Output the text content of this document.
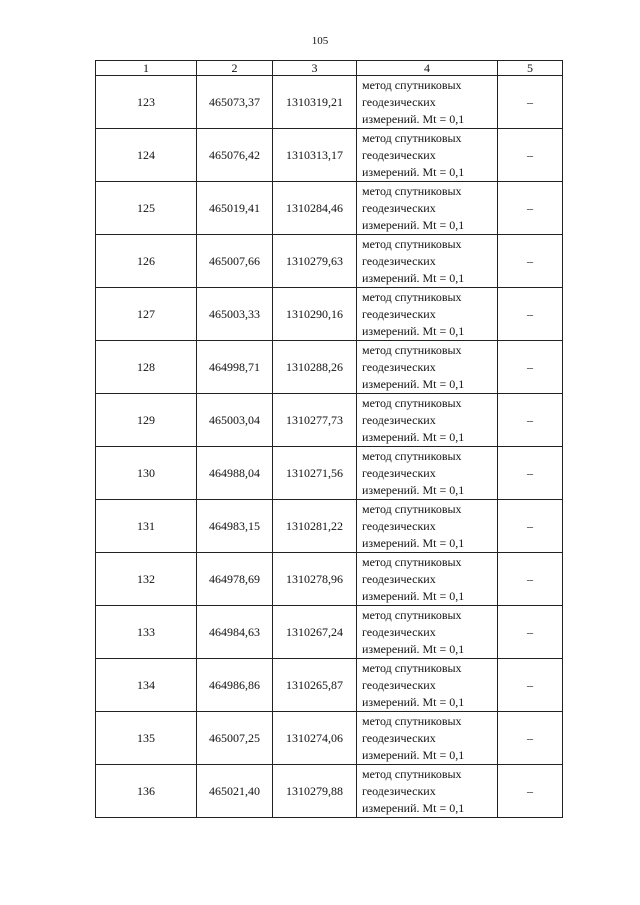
105
1	2	3	4	5
123	465073,37	1310319,21	метод спутниковых
геодезических
измерений. Mt = 0,1	–
124	465076,42	1310313,17	метод спутниковых
геодезических
измерений. Mt = 0,1	–
125	465019,41	1310284,46	метод спутниковых
геодезических
измерений. Mt = 0,1	–
126	465007,66	1310279,63	метод спутниковых
геодезических
измерений. Mt = 0,1	–
127	465003,33	1310290,16	метод спутниковых
геодезических
измерений. Mt = 0,1	–
128	464998,71	1310288,26	метод спутниковых
геодезических
измерений. Mt = 0,1	–
129	465003,04	1310277,73	метод спутниковых
геодезических
измерений. Mt = 0,1	–
130	464988,04	1310271,56	метод спутниковых
геодезических
измерений. Mt = 0,1	–
131	464983,15	1310281,22	метод спутниковых
геодезических
измерений. Mt = 0,1	–
132	464978,69	1310278,96	метод спутниковых
геодезических
измерений. Mt = 0,1	–
133	464984,63	1310267,24	метод спутниковых
геодезических
измерений. Mt = 0,1	–
134	464986,86	1310265,87	метод спутниковых
геодезических
измерений. Mt = 0,1	–
135	465007,25	1310274,06	метод спутниковых
геодезических
измерений. Mt = 0,1	–
136	465021,40	1310279,88	метод спутниковых
геодезических
измерений. Mt = 0,1	–
